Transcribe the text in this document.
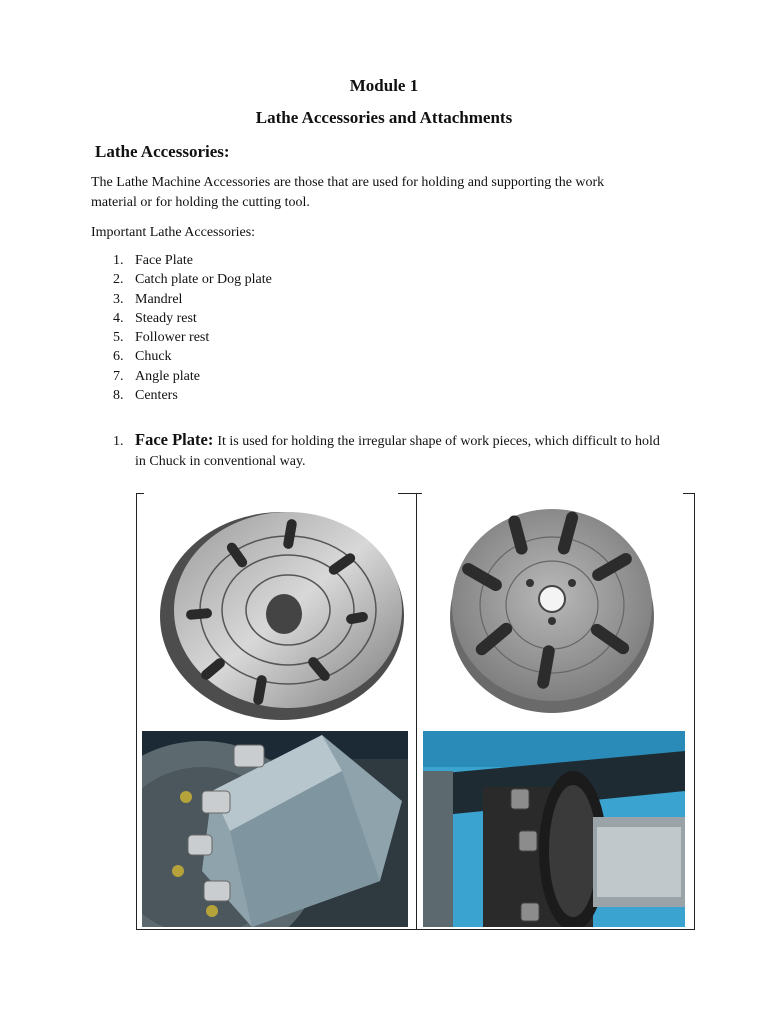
Module 1
Lathe Accessories and Attachments
Lathe Accessories:
The Lathe Machine Accessories are those that are used for holding and supporting the work
material or for holding the cutting tool.
Important Lathe Accessories:
1. Face Plate
2. Catch plate or Dog plate
3. Mandrel
4. Steady rest
5. Follower rest
6. Chuck
7. Angle plate
8. Centers
1. Face Plate: It is used for holding the irregular shape of work pieces, which difficult to hold
in Chuck in conventional way.
